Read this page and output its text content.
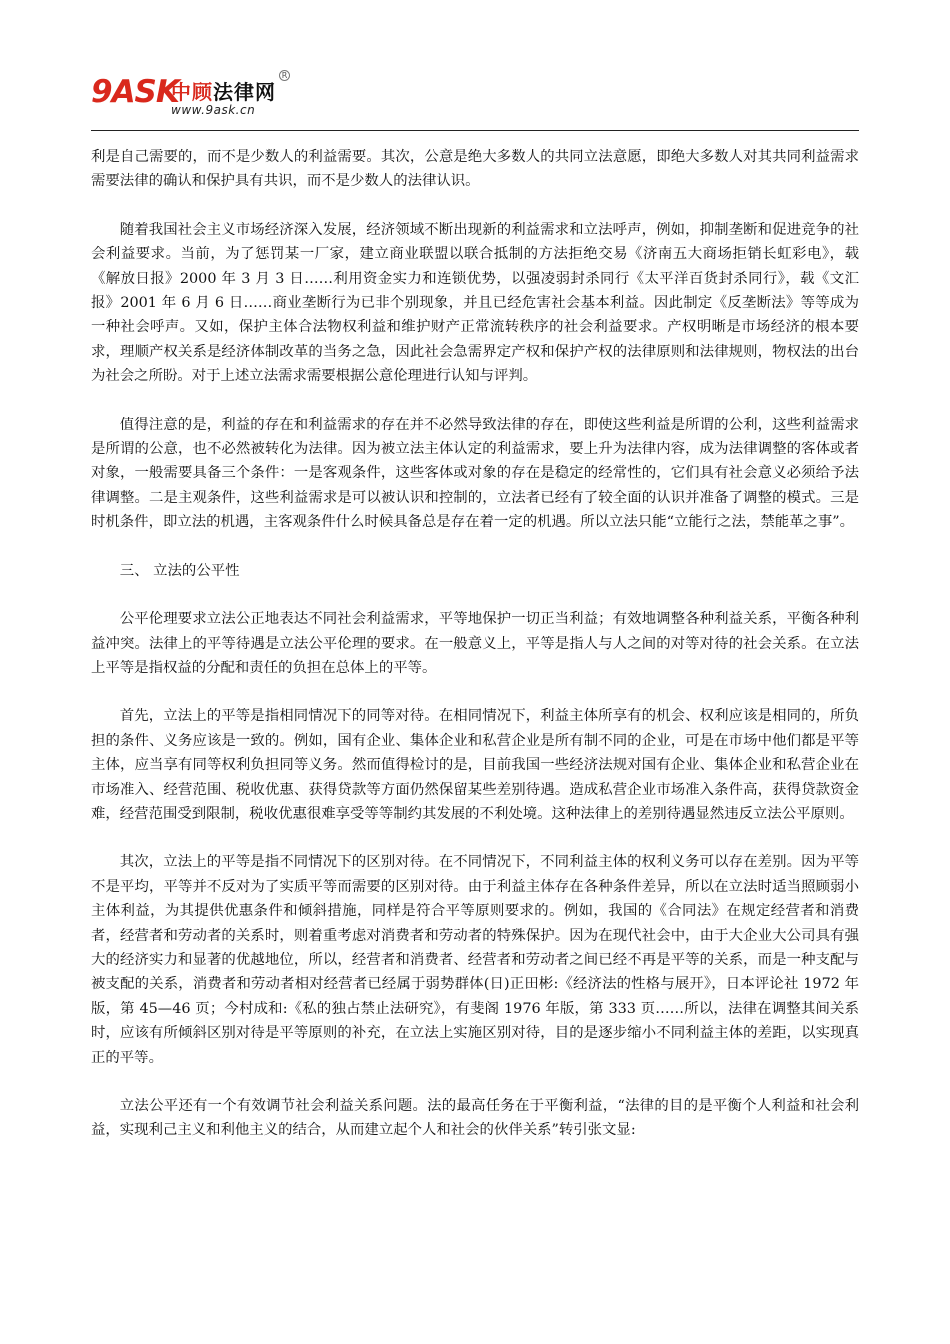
9ASK
中顾法律网
R
www.9ask.cn

利是自己需要的，而不是少数人的利益需要。其次，公意是绝大多数人的共同立法意愿，即绝大多数人对其共同利益需求需要法律的确认和保护具有共识，而不是少数人的法律认识。

随着我国社会主义市场经济深入发展，经济领域不断出现新的利益需求和立法呼声，例如，抑制垄断和促进竞争的社会利益要求。当前，为了惩罚某一厂家，建立商业联盟以联合抵制的方法拒绝交易《济南五大商场拒销长虹彩电》，载《解放日报》2000 年 3 月 3 日……利用资金实力和连锁优势，以强凌弱封杀同行《太平洋百货封杀同行》，载《文汇报》2001 年 6 月 6 日……商业垄断行为已非个别现象，并且已经危害社会基本利益。因此制定《反垄断法》等等成为一种社会呼声。又如，保护主体合法物权利益和维护财产正常流转秩序的社会利益要求。产权明晰是市场经济的根本要求，理顺产权关系是经济体制改革的当务之急，因此社会急需界定产权和保护产权的法律原则和法律规则，物权法的出台为社会之所盼。对于上述立法需求需要根据公意伦理进行认知与评判。

值得注意的是，利益的存在和利益需求的存在并不必然导致法律的存在，即使这些利益是所谓的公利，这些利益需求是所谓的公意，也不必然被转化为法律。因为被立法主体认定的利益需求，要上升为法律内容，成为法律调整的客体或者对象，一般需要具备三个条件：一是客观条件，这些客体或对象的存在是稳定的经常性的，它们具有社会意义必须给予法律调整。二是主观条件，这些利益需求是可以被认识和控制的，立法者已经有了较全面的认识并准备了调整的模式。三是时机条件，即立法的机遇，主客观条件什么时候具备总是存在着一定的机遇。所以立法只能“立能行之法，禁能革之事”。

三、 立法的公平性

公平伦理要求立法公正地表达不同社会利益需求，平等地保护一切正当利益；有效地调整各种利益关系，平衡各种利益冲突。法律上的平等待遇是立法公平伦理的要求。在一般意义上，平等是指人与人之间的对等对待的社会关系。在立法上平等是指权益的分配和责任的负担在总体上的平等。

首先，立法上的平等是指相同情况下的同等对待。在相同情况下，利益主体所享有的机会、权利应该是相同的，所负担的条件、义务应该是一致的。例如，国有企业、集体企业和私营企业是所有制不同的企业，可是在市场中他们都是平等主体，应当享有同等权利负担同等义务。然而值得检讨的是，目前我国一些经济法规对国有企业、集体企业和私营企业在市场准入、经营范围、税收优惠、获得贷款等方面仍然保留某些差别待遇。造成私营企业市场准入条件高，获得贷款资金难，经营范围受到限制，税收优惠很难享受等等制约其发展的不利处境。这种法律上的差别待遇显然违反立法公平原则。

其次，立法上的平等是指不同情况下的区别对待。在不同情况下，不同利益主体的权利义务可以存在差别。因为平等不是平均，平等并不反对为了实质平等而需要的区别对待。由于利益主体存在各种条件差异，所以在立法时适当照顾弱小主体利益，为其提供优惠条件和倾斜措施，同样是符合平等原则要求的。例如，我国的《合同法》在规定经营者和消费者，经营者和劳动者的关系时，则着重考虑对消费者和劳动者的特殊保护。因为在现代社会中，由于大企业大公司具有强大的经济实力和显著的优越地位，所以，经营者和消费者、经营者和劳动者之间已经不再是平等的关系，而是一种支配与被支配的关系，消费者和劳动者相对经营者已经属于弱势群体(日)正田彬:《经济法的性格与展开》，日本评论社 1972 年版，第 45—46 页；今村成和:《私的独占禁止法研究》，有斐阁 1976 年版，第 333 页……所以，法律在调整其间关系时，应该有所倾斜区别对待是平等原则的补充，在立法上实施区别对待，目的是逐步缩小不同利益主体的差距，以实现真正的平等。

立法公平还有一个有效调节社会利益关系问题。法的最高任务在于平衡利益，“法律的目的是平衡个人利益和社会利益，实现利己主义和利他主义的结合，从而建立起个人和社会的伙伴关系”转引张文显:
